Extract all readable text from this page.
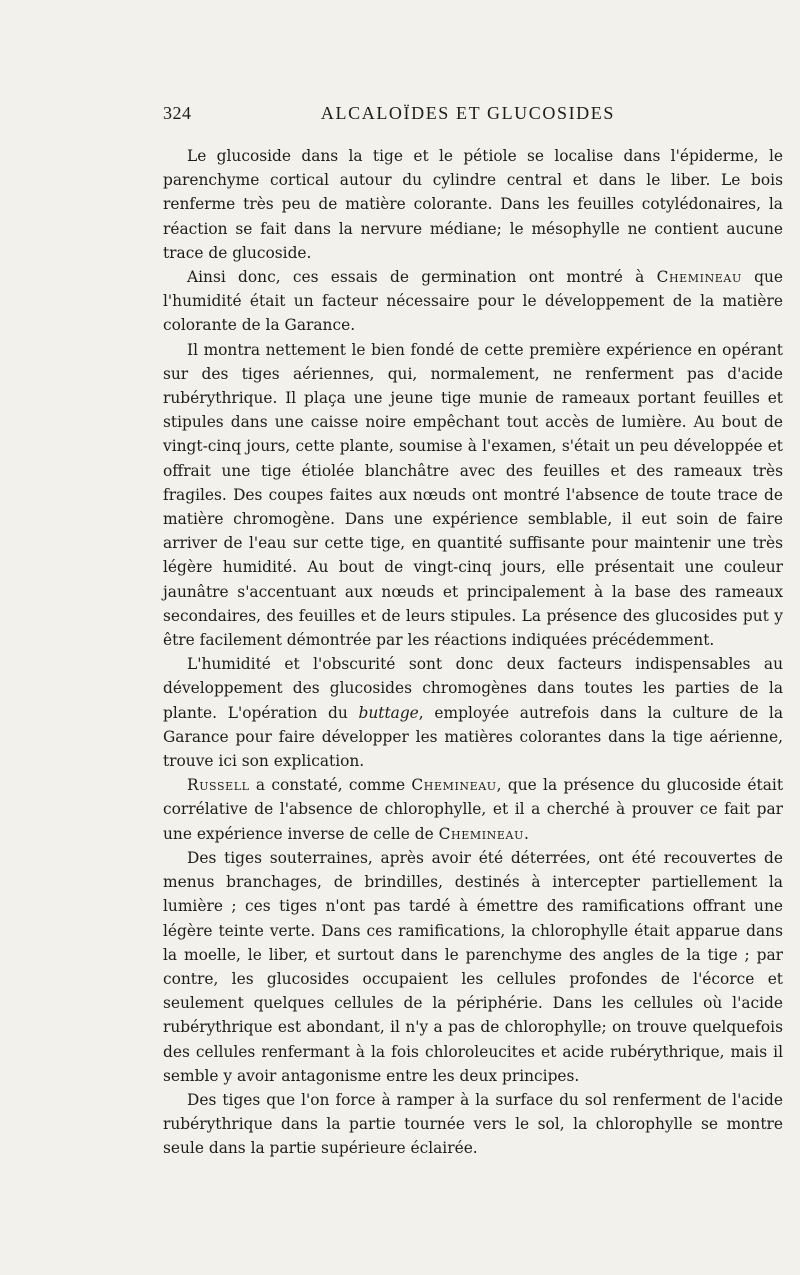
324	ALCALOÏDES ET GLUCOSIDES

Le glucoside dans la tige et le pétiole se localise dans l'épiderme, le parenchyme cortical autour du cylindre central et dans le liber. Le bois renferme très peu de matière colorante. Dans les feuilles cotylédonaires, la réaction se fait dans la nervure médiane; le mésophylle ne contient aucune trace de glucoside.

Ainsi donc, ces essais de germination ont montré à Chemineau que l'humidité était un facteur nécessaire pour le développement de la matière colorante de la Garance.

Il montra nettement le bien fondé de cette première expérience en opérant sur des tiges aériennes, qui, normalement, ne renferment pas d'acide rubérythrique. Il plaça une jeune tige munie de rameaux portant feuilles et stipules dans une caisse noire empêchant tout accès de lumière. Au bout de vingt-cinq jours, cette plante, soumise à l'examen, s'était un peu développée et offrait une tige étiolée blanchâtre avec des feuilles et des rameaux très fragiles. Des coupes faites aux nœuds ont montré l'absence de toute trace de matière chromogène. Dans une expérience semblable, il eut soin de faire arriver de l'eau sur cette tige, en quantité suffisante pour maintenir une très légère humidité. Au bout de vingt-cinq jours, elle présentait une couleur jaunâtre s'accentuant aux nœuds et principalement à la base des rameaux secondaires, des feuilles et de leurs stipules. La présence des glucosides put y être facilement démontrée par les réactions indiquées précédemment.

L'humidité et l'obscurité sont donc deux facteurs indispensables au développement des glucosides chromogènes dans toutes les parties de la plante. L'opération du buttage, employée autrefois dans la culture de la Garance pour faire développer les matières colorantes dans la tige aérienne, trouve ici son explication.

Russell a constaté, comme Chemineau, que la présence du glucoside était corrélative de l'absence de chlorophylle, et il a cherché à prouver ce fait par une expérience inverse de celle de Chemineau.

Des tiges souterraines, après avoir été déterrées, ont été recouvertes de menus branchages, de brindilles, destinés à intercepter partiellement la lumière ; ces tiges n'ont pas tardé à émettre des ramifications offrant une légère teinte verte. Dans ces ramifications, la chlorophylle était apparue dans la moelle, le liber, et surtout dans le parenchyme des angles de la tige ; par contre, les glucosides occupaient les cellules profondes de l'écorce et seulement quelques cellules de la périphérie. Dans les cellules où l'acide rubérythrique est abondant, il n'y a pas de chlorophylle; on trouve quelquefois des cellules renfermant à la fois chloroleucites et acide rubérythrique, mais il semble y avoir antagonisme entre les deux principes.

Des tiges que l'on force à ramper à la surface du sol renferment de l'acide rubérythrique dans la partie tournée vers le sol, la chlorophylle se montre seule dans la partie supérieure éclairée.
